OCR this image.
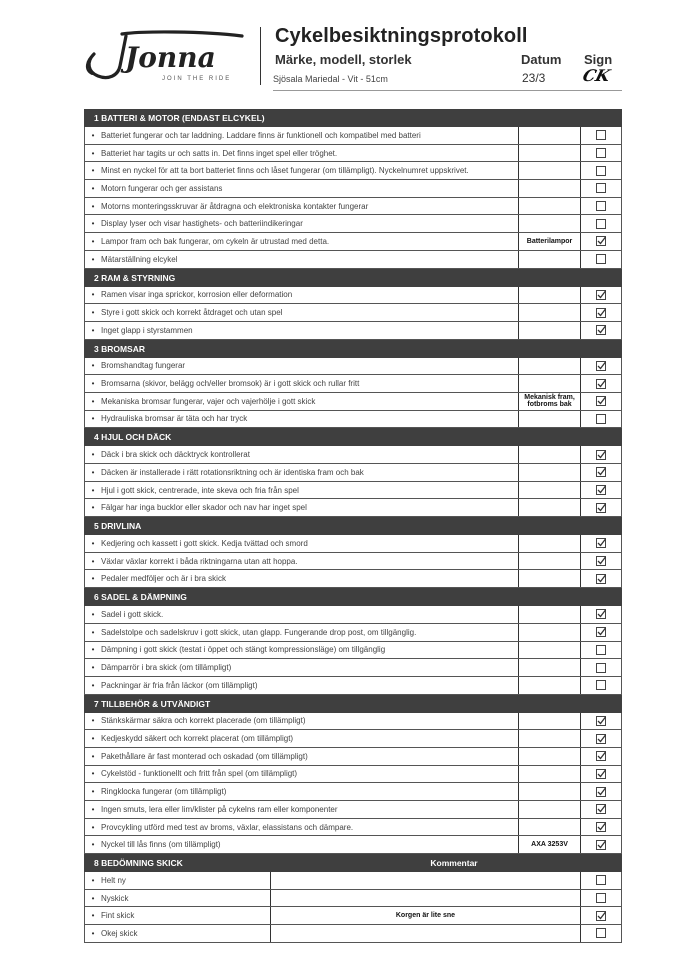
Jonna
JOIN THE RIDE
Cykelbesiktningsprotokoll
Märke, modell, storlek
Sjösala Mariedal - Vit - 51cm
Datum Sign
23/3 CK
1 BATTERI & MOTOR (ENDAST ELCYKEL)
• Batteriet fungerar och tar laddning. Laddare finns är funktionell och kompatibel med batteri
• Batteriet har tagits ur och satts in. Det finns inget spel eller tröghet.
• Minst en nyckel för att ta bort batteriet finns och låset fungerar (om tillämpligt). Nyckelnumret uppskrivet.
• Motorn fungerar och ger assistans
• Motorns monteringsskruvar är åtdragna och elektroniska kontakter fungerar
• Display lyser och visar hastighets- och batteriindikeringar
• Lampor fram och bak fungerar, om cykeln är utrustad med detta.	Batterilampor
• Mätarställning elcykel
2 RAM & STYRNING
• Ramen visar inga sprickor, korrosion eller deformation
• Styre i gott skick och korrekt åtdraget och utan spel
• Inget glapp i styrstammen
3 BROMSAR
• Bromshandtag fungerar
• Bromsarna (skivor, belägg och/eller bromsok) är i gott skick och rullar fritt
• Mekaniska bromsar fungerar, vajer och vajerhölje i gott skick	Mekanisk fram, fotbroms bak
• Hydrauliska bromsar är täta och har tryck
4 HJUL OCH DÄCK
• Däck i bra skick och däcktryck kontrollerat
• Däcken är installerade i rätt rotationsriktning och är identiska fram och bak
• Hjul i gott skick, centrerade, inte skeva och fria från spel
• Fälgar har inga bucklor eller skador och nav har inget spel
5 DRIVLINA
• Kedjering och kassett i gott skick. Kedja tvättad och smord
• Växlar växlar korrekt i båda riktningarna utan att hoppa.
• Pedaler medföljer och är i bra skick
6 SADEL & DÄMPNING
• Sadel i gott skick.
• Sadelstolpe och sadelskruv i gott skick, utan glapp. Fungerande drop post, om tillgänglig.
• Dämpning i gott skick (testat i öppet och stängt kompressionsläge) om tillgänglig
• Dämparrör i bra skick (om tillämpligt)
• Packningar är fria från läckor (om tillämpligt)
7 TILLBEHÖR & UTVÄNDIGT
• Stänkskärmar säkra och korrekt placerade (om tillämpligt)
• Kedjeskydd säkert och korrekt placerat (om tillämpligt)
• Pakethållare är fast monterad och oskadad (om tillämpligt)
• Cykelstöd - funktionellt och fritt från spel (om tillämpligt)
• Ringklocka fungerar (om tillämpligt)
• Ingen smuts, lera eller lim/klister på cykelns ram eller komponenter
• Provcykling utförd med test av broms, växlar, elassistans och dämpare.
• Nyckel till lås finns (om tillämpligt)	AXA 3253V
8 BEDÖMNING SKICK	Kommentar
• Helt ny
• Nyskick
• Fint skick	Korgen är lite sne
• Okej skick
